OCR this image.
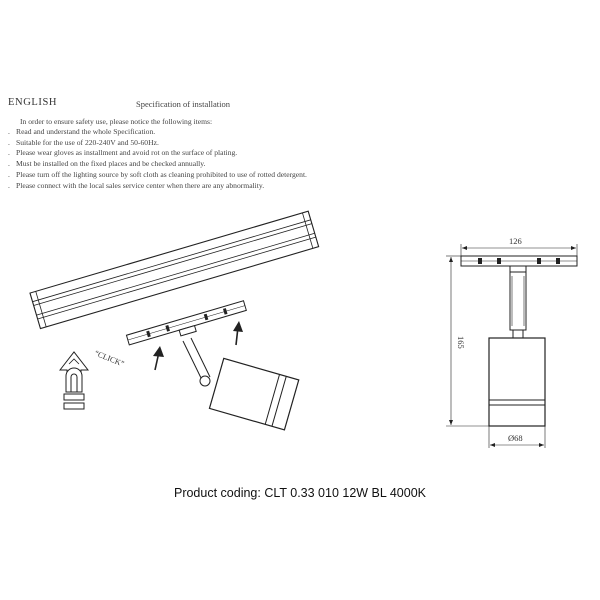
ENGLISH	Specification of installation
In order to ensure safety use, please notice the following items:
. Read and understand the whole Specification.
. Suitable for the use of 220-240V and 50-60Hz.
. Please wear gloves as installment and avoid rot on the surface of plating.
. Must be installed on the fixed places and be checked annually.
. Please turn off the lighting source by soft cloth as cleaning prohibited to use of rotted detergent.
. Please connect with the local sales service center when there are any abnormality.
“CLICK”
126
165
Ø68
Product coding: CLT 0.33 010 12W BL 4000K
